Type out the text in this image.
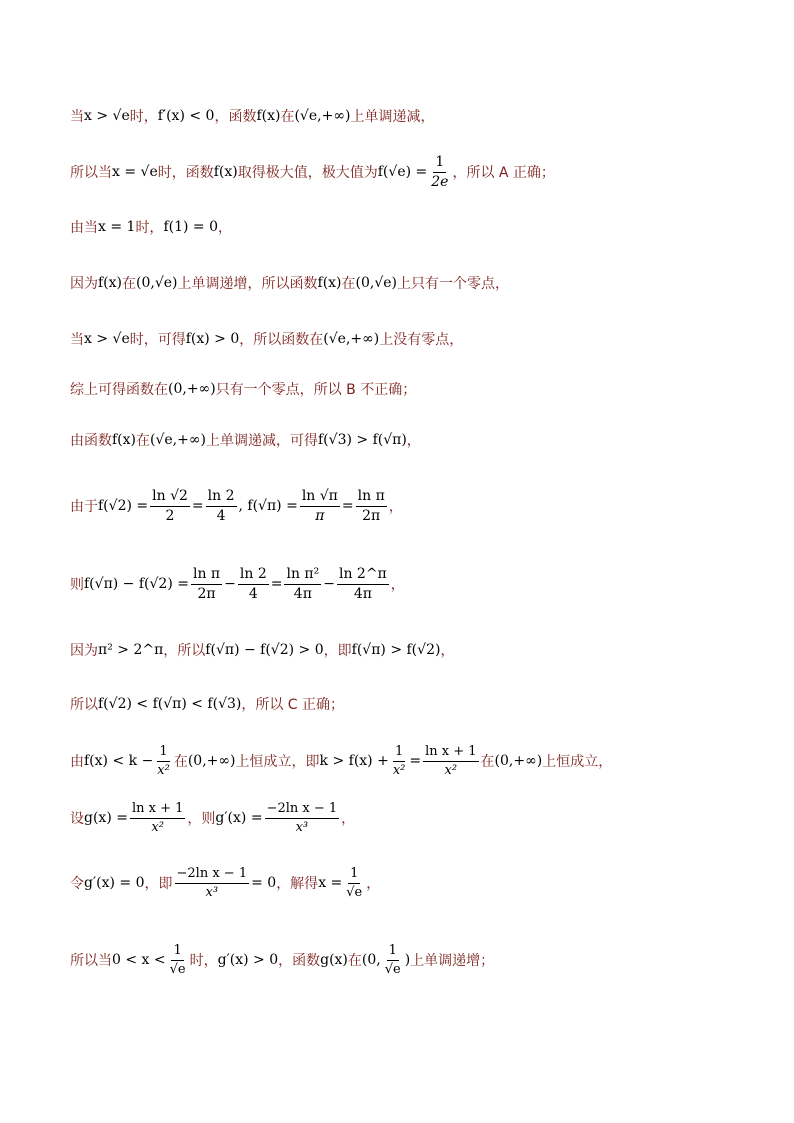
当 x > √e 时， f′(x) < 0 ，函数 f(x) 在 (√e,+∞) 上单调递减，
所以当 x = √e 时，函数 f(x) 取得极大值，极大值为 $f(√e) = \frac{1}{2e}$ ，所以 A 正确；
由当 x = 1 时， f(1) = 0 ，
因为 f(x) 在 (0,√e) 上单调递增，所以函数 f(x) 在 (0,√e) 上只有一个零点，
当 x > √e 时，可得 f(x) > 0 ，所以函数在 (√e,+∞) 上没有零点，
综上可得函数在 (0,+∞) 只有一个零点，所以 B 不正确；
由函数 f(x) 在 (√e,+∞) 上单调递减，可得 f(√3) > f(√π) ，
由于 $f(√2) = \frac{\ln √2}{2} = \frac{\ln 2}{4}$ , $f(√\pi) = \frac{\ln √\pi}{\pi} = \frac{\text{ln π}}{2\pi}$ ，
则 $f(√\pi) - f(√2) = \frac{\text{ln π}}{2\pi} - \frac{\ln 2}{4} = \frac{\text{ln π²}}{4\pi} - \frac{\ln 2\^{}\pi}{4\pi}$ ，
因为 π² > 2^π ，所以 f(√π) − f(√2) > 0 ，即 f(√π) > f(√2) ，
所以 f(√2) < f(√π) < f(√3) ，所以 C 正确；
由 $f(x) < k - \frac{1}{\text{x²}}$ 在 (0,+∞) 上恒成立，即 $k > f(x) + \frac{1}{\text{x²}} = \frac{\text{ln x + 1}}{\text{x²}}$ 在 (0,+∞) 上恒成立，
设 $g(x) = \frac{\text{ln x + 1}}{\text{x²}}$ ，则 $g'(x) = \frac{\text{−2ln x − 1}}{\text{x³}}$ ，
令 g′(x) = 0 ，即 $\frac{\text{−2ln x − 1}}{\text{x³}} = 0$ ，解得 $x = \frac{1}{√e}$ ，
所以当 $0 < x < \frac{1}{√e}$ 时， g′(x) > 0 ，函数 g(x) 在 (0, $\frac{1}{√e}$ ) 上单调递增；
